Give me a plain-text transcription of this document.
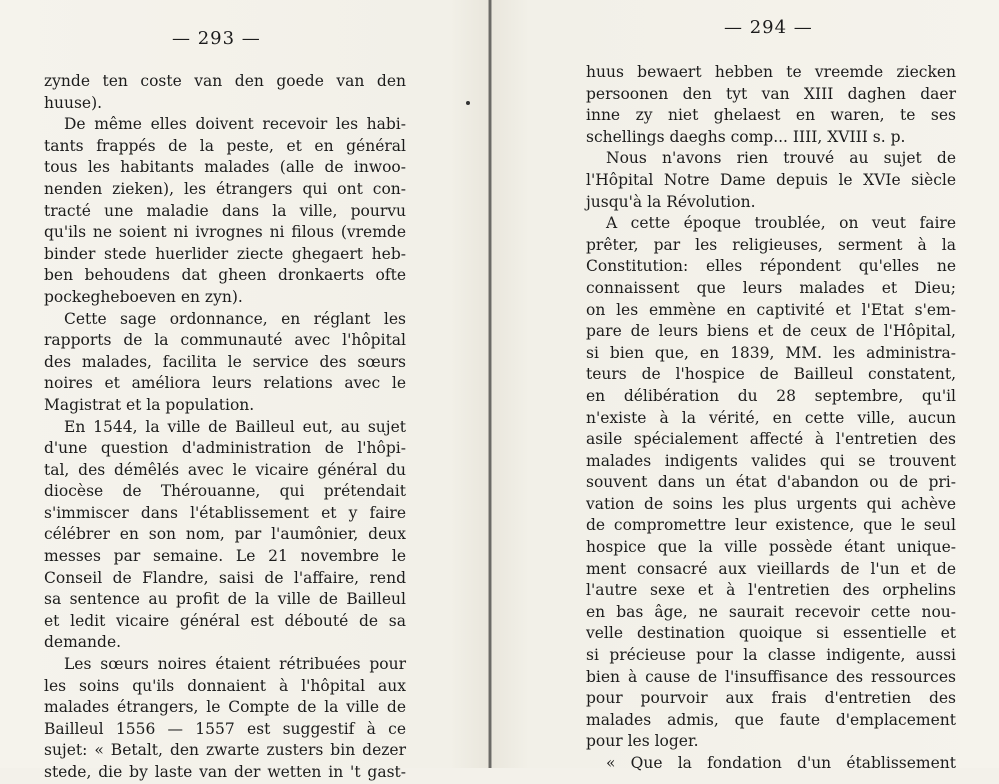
— 293 —
zynde ten coste van den goede van den
huuse).
De même elles doivent recevoir les habi-
tants frappés de la peste, et en général
tous les habitants malades (alle de inwoo-
nenden zieken), les étrangers qui ont con-
tracté une maladie dans la ville, pourvu
qu'ils ne soient ni ivrognes ni filous (vremde
binder stede huerlider ziecte ghegaert heb-
ben behoudens dat gheen dronkaerts ofte
pockegheboeven en zyn).
Cette sage ordonnance, en réglant les
rapports de la communauté avec l'hôpital
des malades, facilita le service des sœurs
noires et améliora leurs relations avec le
Magistrat et la population.
En 1544, la ville de Bailleul eut, au sujet
d'une question d'administration de l'hôpi-
tal, des démêlés avec le vicaire général du
diocèse de Thérouanne, qui prétendait
s'immiscer dans l'établissement et y faire
célébrer en son nom, par l'aumônier, deux
messes par semaine. Le 21 novembre le
Conseil de Flandre, saisi de l'affaire, rend
sa sentence au profit de la ville de Bailleul
et ledit vicaire général est débouté de sa
demande.
Les sœurs noires étaient rétribuées pour
les soins qu'ils donnaient à l'hôpital aux
malades étrangers, le Compte de la ville de
Bailleul 1556 — 1557 est suggestif à ce
sujet: « Betalt, den zwarte zusters bin dezer
stede, die by laste van der wetten in 't gast-
— 294 —
huus bewaert hebben te vreemde ziecken
persoonen den tyt van XIII daghen daer
inne zy niet ghelaest en waren, te ses
schellings daeghs comp... IIII, XVIII s. p.
Nous n'avons rien trouvé au sujet de
l'Hôpital Notre Dame depuis le XVIe siècle
jusqu'à la Révolution.
A cette époque troublée, on veut faire
prêter, par les religieuses, serment à la
Constitution: elles répondent qu'elles ne
connaissent que leurs malades et Dieu;
on les emmène en captivité et l'Etat s'em-
pare de leurs biens et de ceux de l'Hôpital,
si bien que, en 1839, MM. les administra-
teurs de l'hospice de Bailleul constatent,
en délibération du 28 septembre, qu'il
n'existe à la vérité, en cette ville, aucun
asile spécialement affecté à l'entretien des
malades indigents valides qui se trouvent
souvent dans un état d'abandon ou de pri-
vation de soins les plus urgents qui achève
de compromettre leur existence, que le seul
hospice que la ville possède étant unique-
ment consacré aux vieillards de l'un et de
l'autre sexe et à l'entretien des orphelins
en bas âge, ne saurait recevoir cette nou-
velle destination quoique si essentielle et
si précieuse pour la classe indigente, aussi
bien à cause de l'insuffisance des ressources
pour pourvoir aux frais d'entretien des
malades admis, que faute d'emplacement
pour les loger.
« Que la fondation d'un établissement
